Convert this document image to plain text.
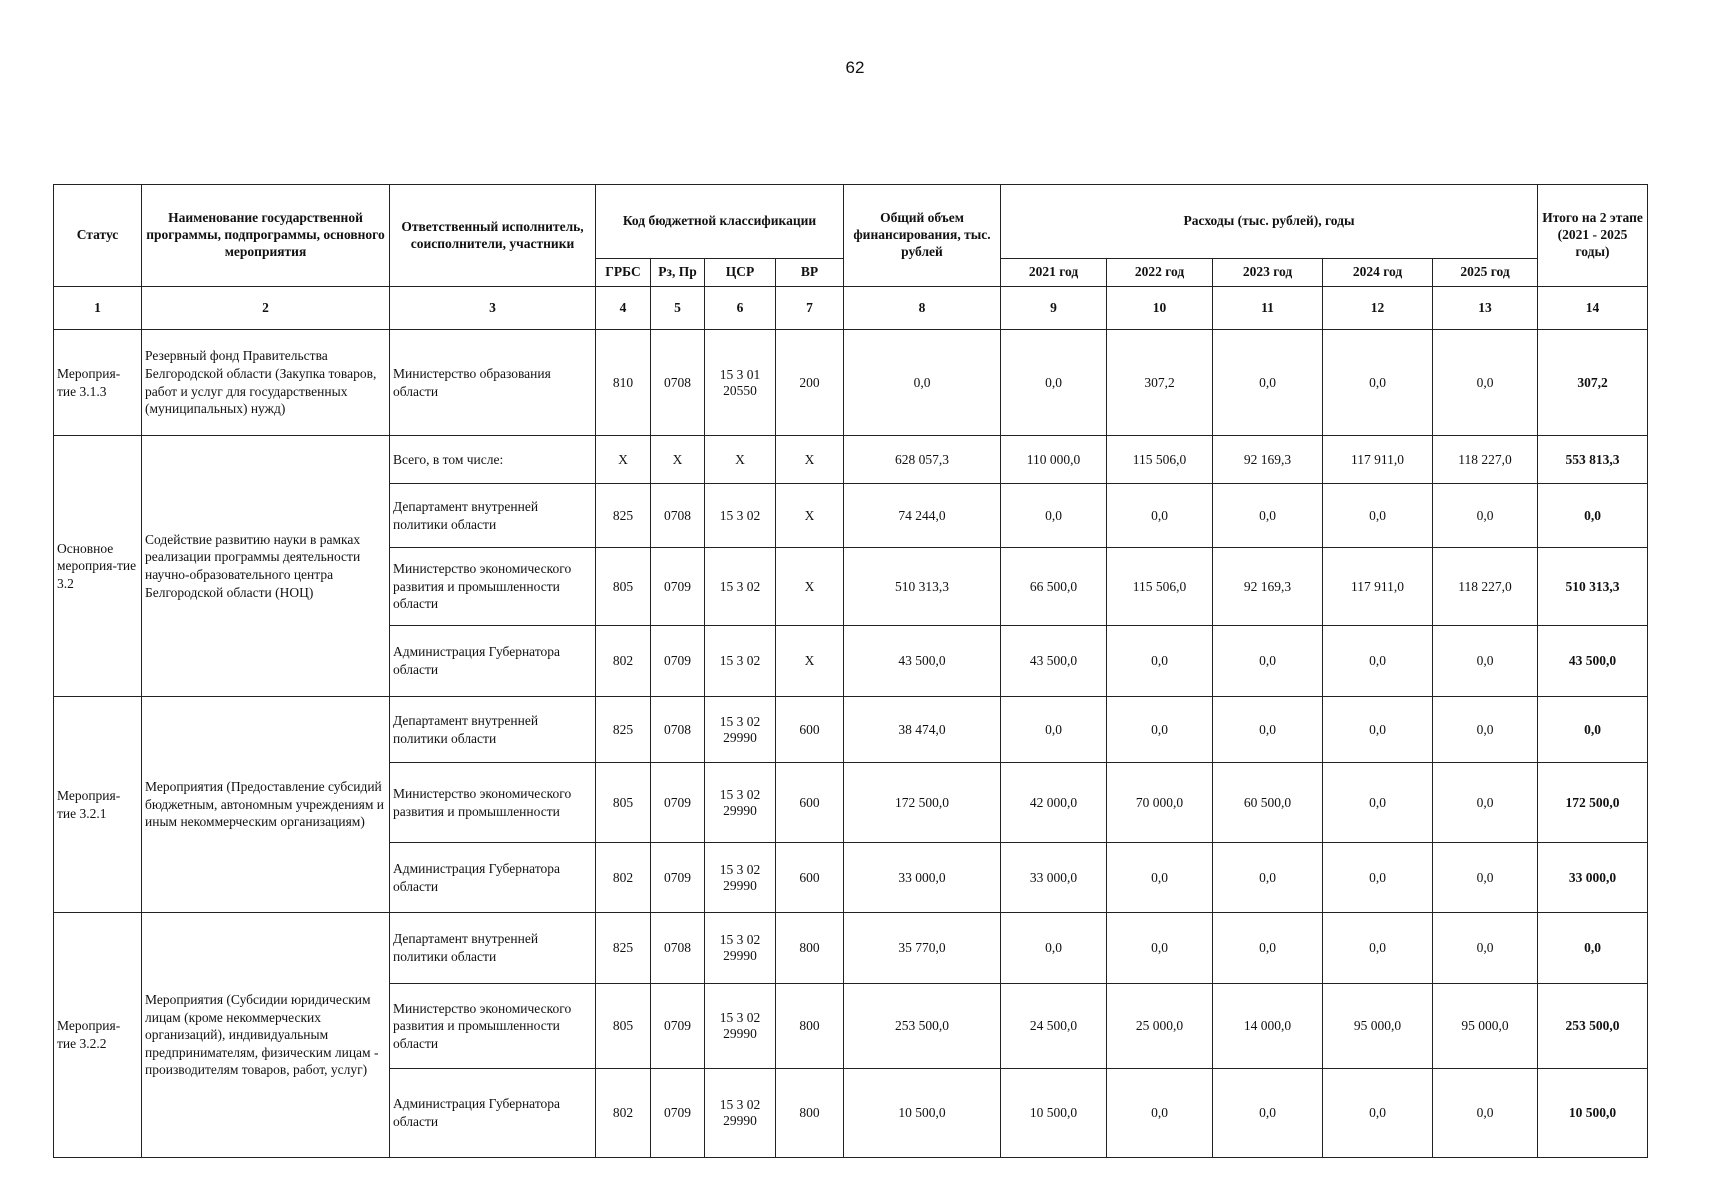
62
Статус	Наименование государственной программы, подпрограммы, основного мероприятия	Ответственный исполнитель, соисполнители, участники	Код бюджетной классификации				Общий объем финансирования, тыс. рублей	Расходы (тыс. рублей), годы					Итого на 2 этапе (2021 - 2025 годы)
			ГРБС	Рз, Пр	ЦСР	ВР		2021 год	2022 год	2023 год	2024 год	2025 год	
1	2	3	4	5	6	7	8	9	10	11	12	13	14
Мероприя-тие 3.1.3	Резервный фонд Правительства Белгородской области (Закупка товаров, работ и услуг для государственных (муниципальных) нужд)	Министерство образования области	810	0708	15 3 01 20550	200	0,0	0,0	307,2	0,0	0,0	0,0	307,2
Основное мероприя-тие 3.2	Содействие развитию науки в рамках реализации программы деятельности научно-образовательного центра Белгородской области (НОЦ)	Всего, в том числе:	Х	Х	Х	Х	628 057,3	110 000,0	115 506,0	92 169,3	117 911,0	118 227,0	553 813,3
		Департамент внутренней политики области	825	0708	15 3 02	Х	74 244,0	0,0	0,0	0,0	0,0	0,0	0,0
		Министерство экономического развития и промышленности области	805	0709	15 3 02	Х	510 313,3	66 500,0	115 506,0	92 169,3	117 911,0	118 227,0	510 313,3
		Администрация Губернатора области	802	0709	15 3 02	Х	43 500,0	43 500,0	0,0	0,0	0,0	0,0	43 500,0
Мероприя-тие 3.2.1	Мероприятия (Предоставление субсидий бюджетным, автономным учреждениям и иным некоммерческим организациям)	Департамент внутренней политики области	825	0708	15 3 02 29990	600	38 474,0	0,0	0,0	0,0	0,0	0,0	0,0
		Министерство экономического развития и промышленности	805	0709	15 3 02 29990	600	172 500,0	42 000,0	70 000,0	60 500,0	0,0	0,0	172 500,0
		Администрация Губернатора области	802	0709	15 3 02 29990	600	33 000,0	33 000,0	0,0	0,0	0,0	0,0	33 000,0
Мероприя-тие 3.2.2	Мероприятия (Субсидии юридическим лицам (кроме некоммерческих организаций), индивидуальным предпринимателям, физическим лицам - производителям товаров, работ, услуг)	Департамент внутренней политики области	825	0708	15 3 02 29990	800	35 770,0	0,0	0,0	0,0	0,0	0,0	0,0
		Министерство экономического развития и промышленности области	805	0709	15 3 02 29990	800	253 500,0	24 500,0	25 000,0	14 000,0	95 000,0	95 000,0	253 500,0
		Администрация Губернатора области	802	0709	15 3 02 29990	800	10 500,0	10 500,0	0,0	0,0	0,0	0,0	10 500,0
